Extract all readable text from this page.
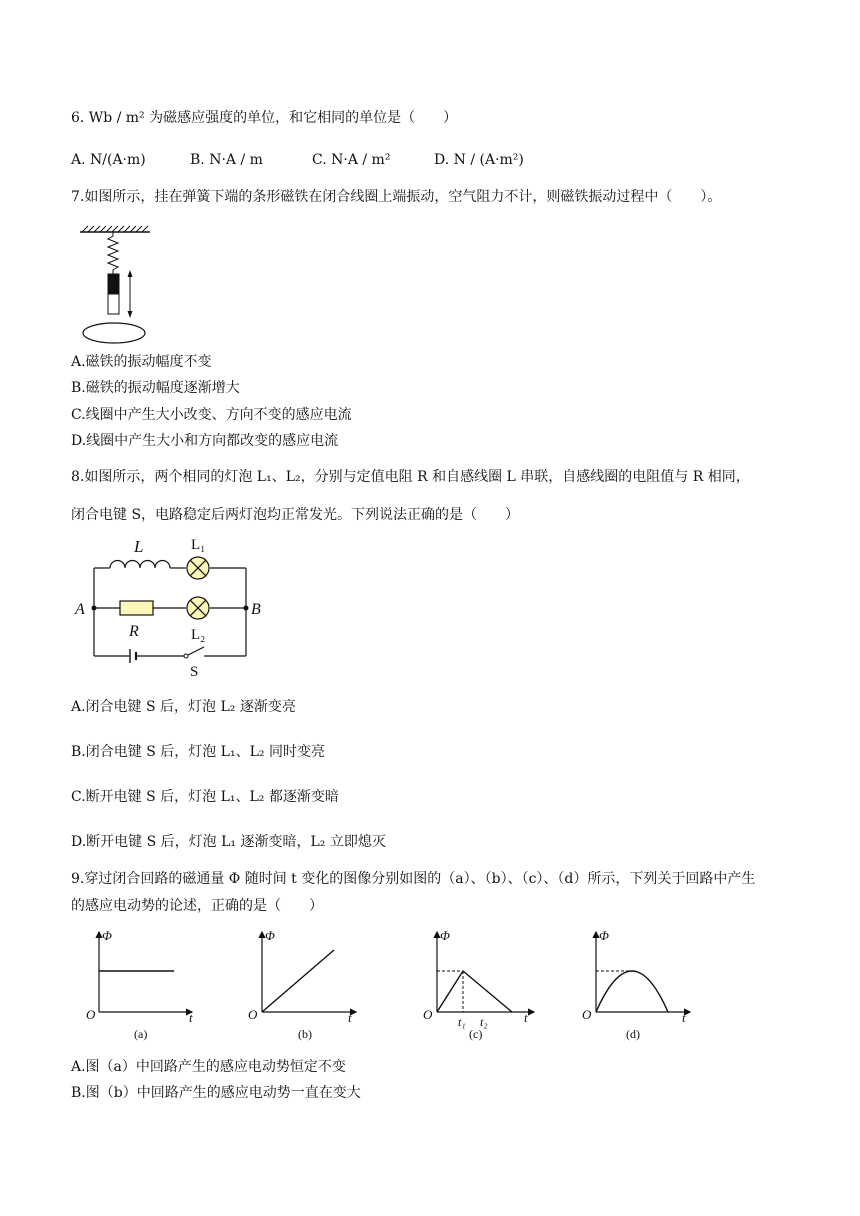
6. Wb / m² 为磁感应强度的单位，和它相同的单位是（　　）
A. N/(A·m)	B. N·A / m	C. N·A / m²	D. N / (A·m²)
7.如图所示，挂在弹簧下端的条形磁铁在闭合线圈上端振动，空气阻力不计，则磁铁振动过程中（　　）。
A.磁铁的振动幅度不变
B.磁铁的振动幅度逐渐增大
C.线圈中产生大小改变、方向不变的感应电流
D.线圈中产生大小和方向都改变的感应电流
8.如图所示，两个相同的灯泡 L₁、L₂，分别与定值电阻 R 和自感线圈 L 串联，自感线圈的电阻值与 R 相同，
闭合电键 S，电路稳定后两灯泡均正常发光。下列说法正确的是（　　）
L	L₁
A	B
R	L₂
S
A.闭合电键 S 后，灯泡 L₂ 逐渐变亮
B.闭合电键 S 后，灯泡 L₁、L₂ 同时变亮
C.断开电键 S 后，灯泡 L₁、L₂ 都逐渐变暗
D.断开电键 S 后，灯泡 L₁ 逐渐变暗，L₂ 立即熄灭
9.穿过闭合回路的磁通量 Φ 随时间 t 变化的图像分别如图的（a）、（b）、（c）、（d）所示，下列关于回路中产生
的感应电动势的论述，正确的是（　　）
Φ
O	t
(a)
Φ
O	t
(b)
Φ
O t₁ t₂	t
(c)
Φ
O	t
(d)
A.图（a）中回路产生的感应电动势恒定不变
B.图（b）中回路产生的感应电动势一直在变大
